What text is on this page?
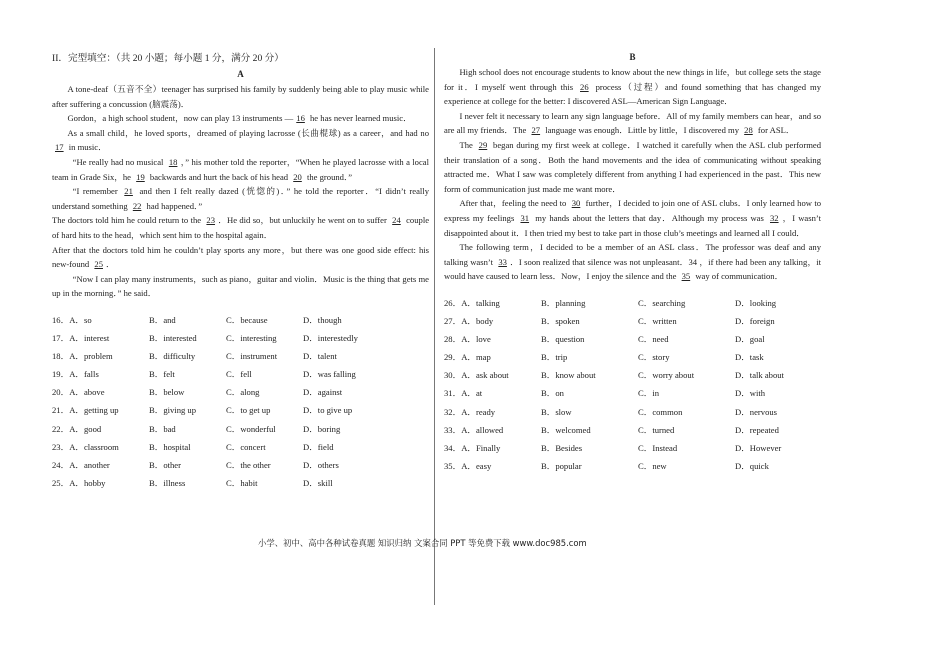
II．完型填空：（共 20 小题；每小题 1 分，满分 20 分）
A

A tone-deaf（五音不全）teenager has surprised his family by suddenly being able to play music while after suffering a concussion (脑震荡)．

Gordon，a high school student，now can play 13 instruments — 16 he has never learned music．

As a small child，he loved sports，dreamed of playing lacrosse (长曲棍球) as a career，and had no 17 in music．

“He really had no musical 18 ，” his mother told the reporter，“When he played lacrosse with a local team in Grade Six，he 19 backwards and hurt the back of his head 20 the ground．”

“I remember 21 and then I felt really dazed (恍惚的)．” he told the reporter．“I didn’t really understand something 22 had happened．”

The doctors told him he could return to the 23 ．He did so，but unluckily he went on to suffer 24 couple of hard hits to the head，which sent him to the hospital again．

After that the doctors told him he couldn’t play sports any more，but there was one good side effect: his new-found 25 ．

“Now I can play many instruments，such as piano，guitar and violin．Music is the thing that gets me up in the morning．” he said．

16．A．so	B．and	C．because	D．though
17．A．interest	B．interested	C．interesting	D．interestedly
18．A．problem	B．difficulty	C．instrument	D．talent
19．A．falls	B．felt	C．fell	D．was falling
20．A．above	B．below	C．along	D．against
21．A．getting up	B．giving up	C．to get up	D．to give up
22．A．good	B．bad	C．wonderful	D．boring
23．A．classroom	B．hospital	C．concert	D．field
24．A．another	B．other	C．the other	D．others
25．A．hobby	B．illness	C．habit	D．skill
B

High school does not encourage students to know about the new things in life，but college sets the stage for it．I myself went through this 26 process（过程）and found something that has changed my experience at college for the better: I discovered ASL—American Sign Language．

I never felt it necessary to learn any sign language before．All of my family members can hear，and so are all my friends．The 27 language was enough．Little by little，I discovered my 28 for ASL．

The 29 began during my first week at college．I watched it carefully when the ASL club performed their translation of a song．Both the hand movements and the idea of communicating without speaking attracted me．What I saw was completely different from anything I had experienced in the past．This new form of communication just made me want more．

After that，feeling the need to 30 further，I decided to join one of ASL clubs．I only learned how to express my feelings 31 my hands about the letters that day．Although my process was 32 ，I wasn’t disappointed about it．I then tried my best to take part in those club’s meetings and learned all I could．

The following term，I decided to be a member of an ASL class．The professor was deaf and any talking wasn’t 33 ．I soon realized that silence was not unpleasant．34 ，if there had been any talking，it would have caused to learn less．Now，I enjoy the silence and the 35 way of communication．

26．A．talking	B．planning	C．searching	D．looking
27．A．body	B．spoken	C．written	D．foreign
28．A．love	B．question	C．need	D．goal
29．A．map	B．trip	C．story	D．task
30．A．ask about	B．know about	C．worry about	D．talk about
31．A．at	B．on	C．in	D．with
32．A．ready	B．slow	C．common	D．nervous
33．A．allowed	B．welcomed	C．turned	D．repeated
34．A．Finally	B．Besides	C．Instead	D．However
35．A．easy	B．popular	C．new	D．quick
小学、初中、高中各种试卷真题 知识归纳 文案合同 PPT 等免费下载 www.doc985.com
